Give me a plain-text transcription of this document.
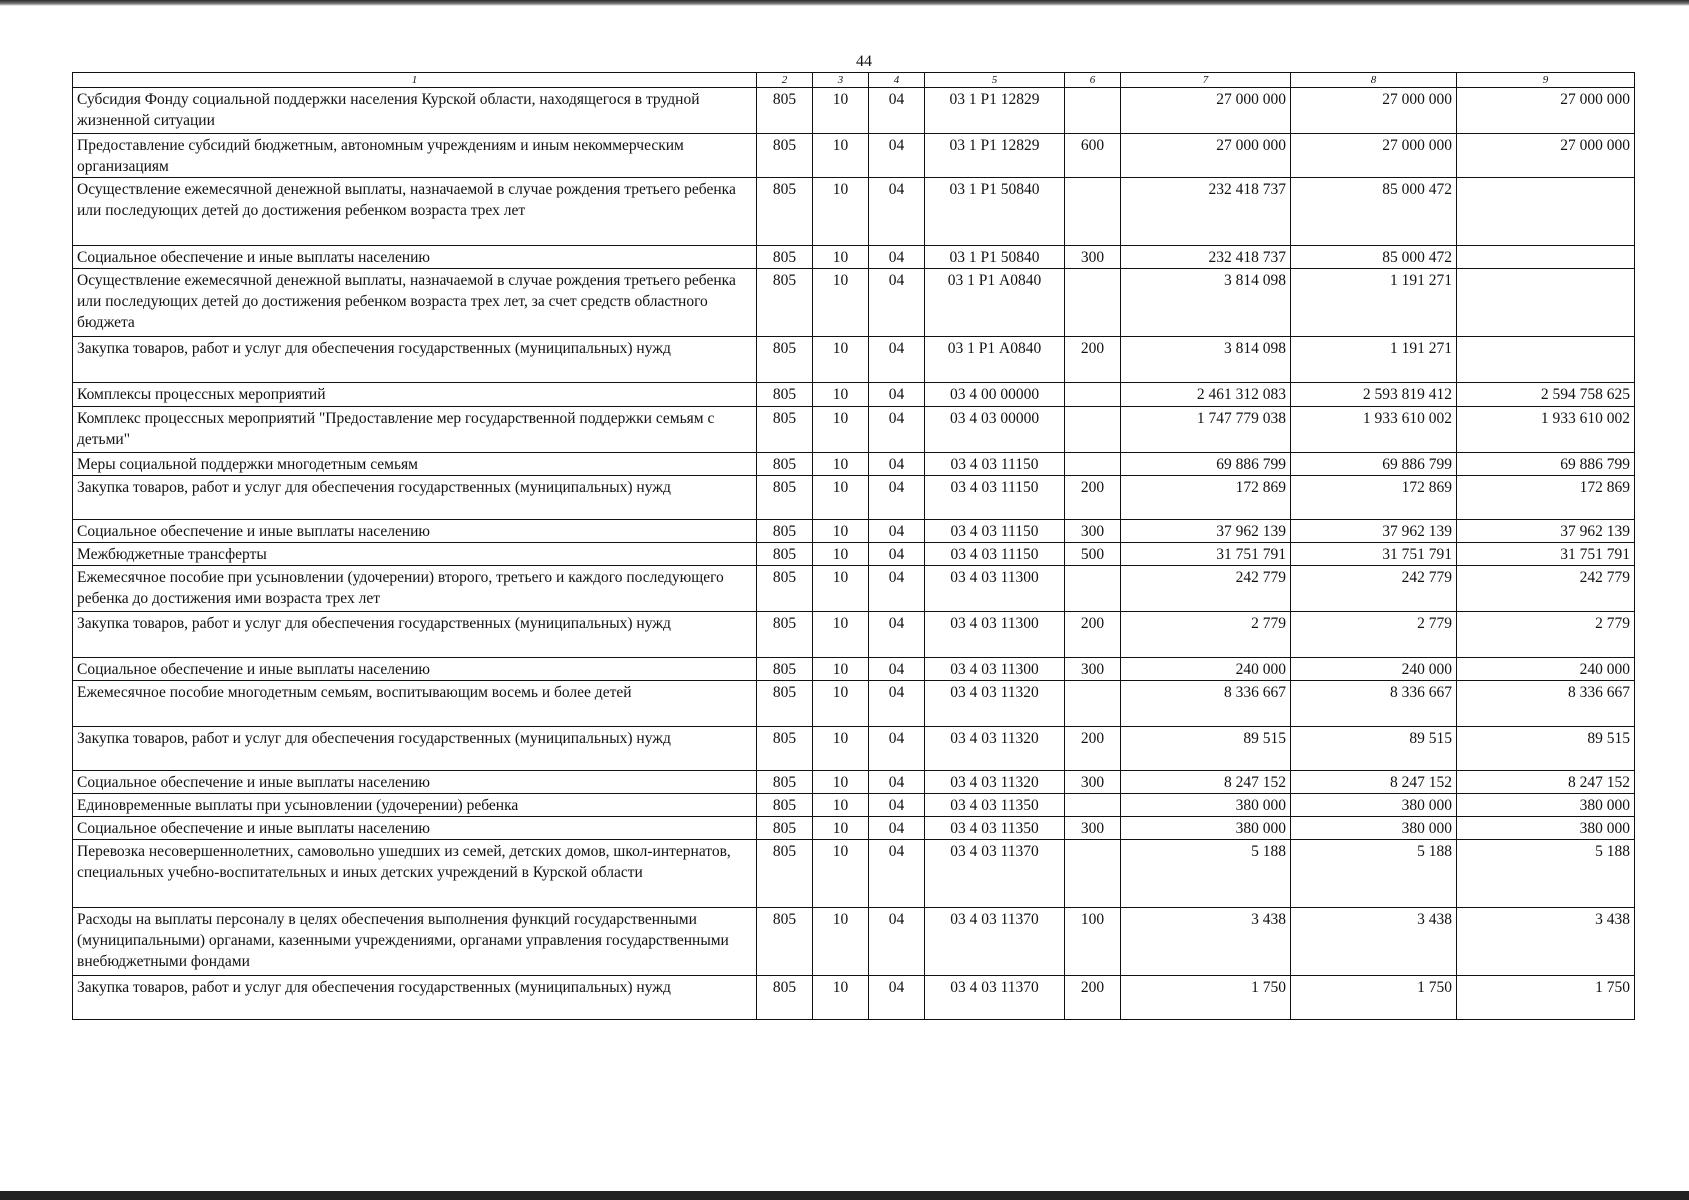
44
1	2	3	4	5	6	7	8	9
Субсидия Фонду социальной поддержки населения Курской области, находящегося в трудной жизненной ситуации	805	10	04	03 1 Р1 12829		27 000 000	27 000 000	27 000 000
Предоставление субсидий бюджетным, автономным учреждениям и иным некоммерческим организациям	805	10	04	03 1 Р1 12829	600	27 000 000	27 000 000	27 000 000
Осуществление ежемесячной денежной выплаты, назначаемой в случае рождения третьего ребенка или последующих детей до достижения ребенком возраста трех лет	805	10	04	03 1 Р1 50840		232 418 737	85 000 472	
Социальное обеспечение и иные выплаты населению	805	10	04	03 1 Р1 50840	300	232 418 737	85 000 472	
Осуществление ежемесячной денежной выплаты, назначаемой в случае рождения третьего ребенка или последующих детей до достижения ребенком возраста трех лет, за счет средств областного бюджета	805	10	04	03 1 Р1 А0840		3 814 098	1 191 271	
Закупка товаров, работ и услуг для обеспечения государственных (муниципальных) нужд	805	10	04	03 1 Р1 А0840	200	3 814 098	1 191 271	
Комплексы процессных мероприятий	805	10	04	03 4 00 00000		2 461 312 083	2 593 819 412	2 594 758 625
Комплекс процессных мероприятий "Предоставление мер государственной поддержки семьям с детьми"	805	10	04	03 4 03 00000		1 747 779 038	1 933 610 002	1 933 610 002
Меры социальной поддержки многодетным семьям	805	10	04	03 4 03 11150		69 886 799	69 886 799	69 886 799
Закупка товаров, работ и услуг для обеспечения государственных (муниципальных) нужд	805	10	04	03 4 03 11150	200	172 869	172 869	172 869
Социальное обеспечение и иные выплаты населению	805	10	04	03 4 03 11150	300	37 962 139	37 962 139	37 962 139
Межбюджетные трансферты	805	10	04	03 4 03 11150	500	31 751 791	31 751 791	31 751 791
Ежемесячное пособие при усыновлении (удочерении) второго, третьего и каждого последующего ребенка до достижения ими возраста трех лет	805	10	04	03 4 03 11300		242 779	242 779	242 779
Закупка товаров, работ и услуг для обеспечения государственных (муниципальных) нужд	805	10	04	03 4 03 11300	200	2 779	2 779	2 779
Социальное обеспечение и иные выплаты населению	805	10	04	03 4 03 11300	300	240 000	240 000	240 000
Ежемесячное пособие многодетным семьям, воспитывающим восемь и более детей	805	10	04	03 4 03 11320		8 336 667	8 336 667	8 336 667
Закупка товаров, работ и услуг для обеспечения государственных (муниципальных) нужд	805	10	04	03 4 03 11320	200	89 515	89 515	89 515
Социальное обеспечение и иные выплаты населению	805	10	04	03 4 03 11320	300	8 247 152	8 247 152	8 247 152
Единовременные выплаты при усыновлении (удочерении) ребенка	805	10	04	03 4 03 11350		380 000	380 000	380 000
Социальное обеспечение и иные выплаты населению	805	10	04	03 4 03 11350	300	380 000	380 000	380 000
Перевозка несовершеннолетних, самовольно ушедших из семей, детских домов, школ-интернатов, специальных учебно-воспитательных и иных детских учреждений в Курской области	805	10	04	03 4 03 11370		5 188	5 188	5 188
Расходы на выплаты персоналу в целях обеспечения выполнения функций государственными (муниципальными) органами, казенными учреждениями, органами управления государственными внебюджетными фондами	805	10	04	03 4 03 11370	100	3 438	3 438	3 438
Закупка товаров, работ и услуг для обеспечения государственных (муниципальных) нужд	805	10	04	03 4 03 11370	200	1 750	1 750	1 750
